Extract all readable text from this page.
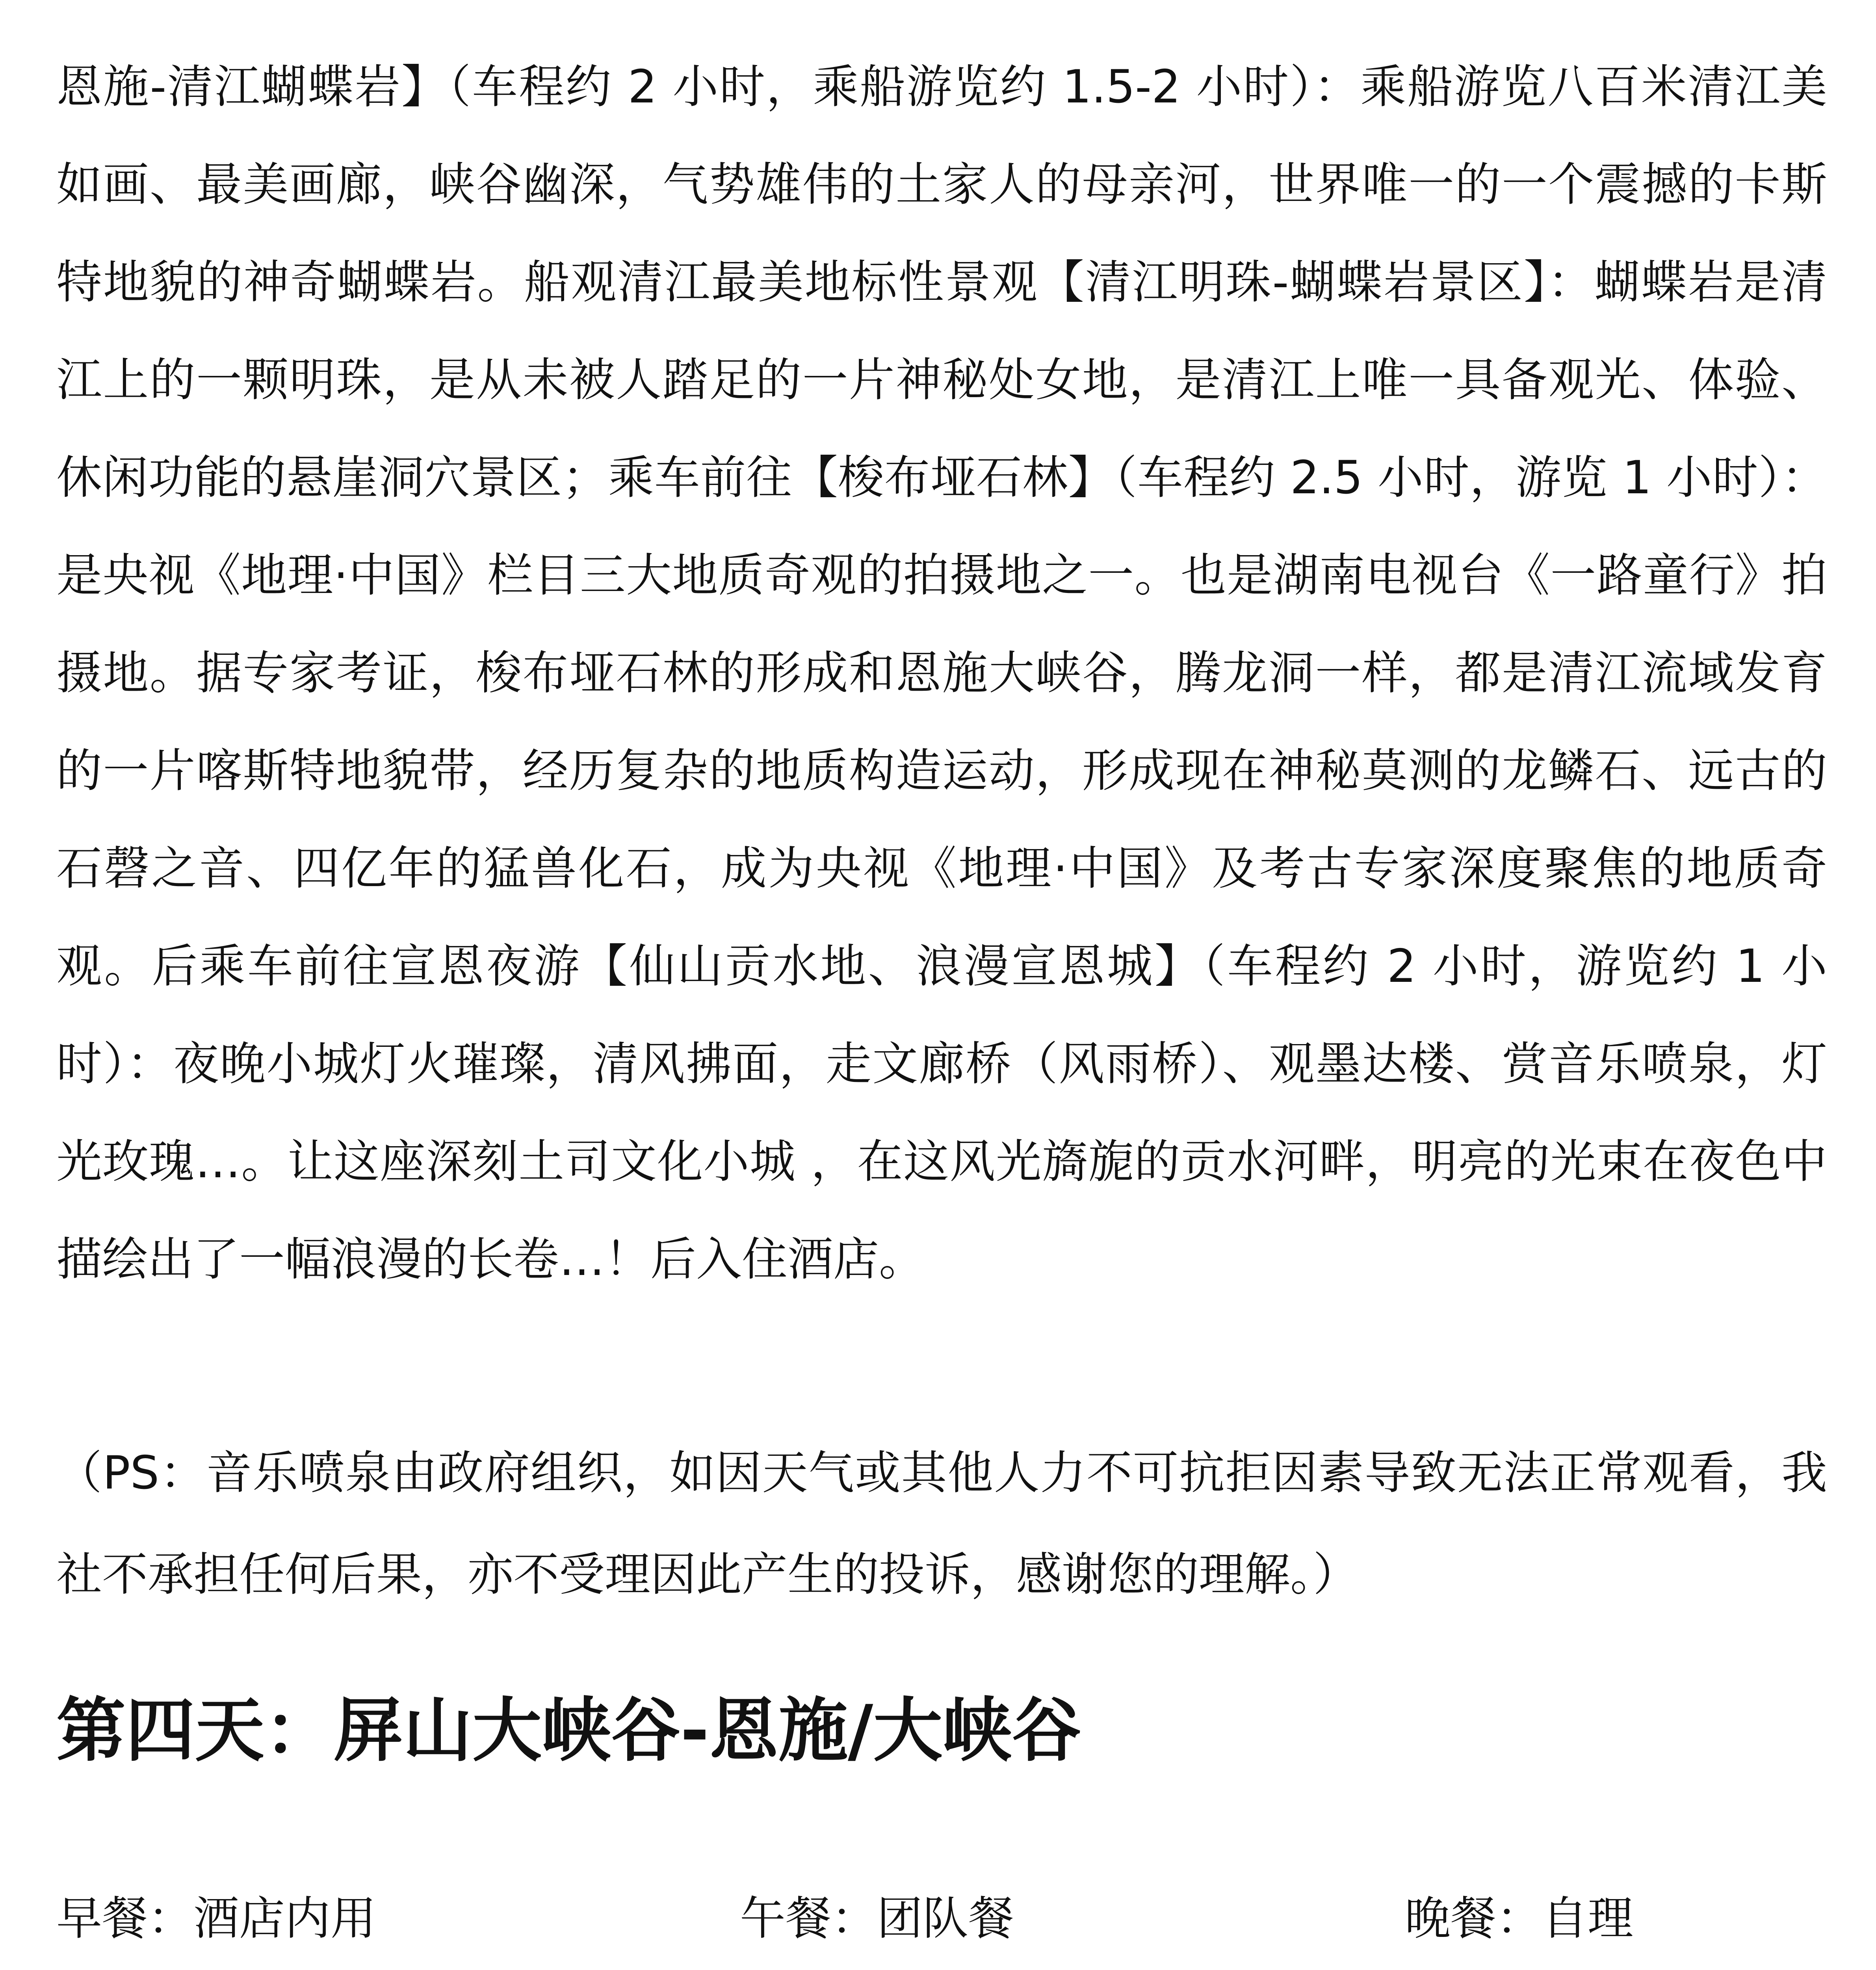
恩施-清江蝴蝶岩】（车程约 2 小时，乘船游览约 1.5-2 小时）：乘船游览八百米清江美如画、最美画廊，峡谷幽深，气势雄伟的土家人的母亲河，世界唯一的一个震撼的卡斯特地貌的神奇蝴蝶岩。船观清江最美地标性景观【清江明珠-蝴蝶岩景区】：蝴蝶岩是清江上的一颗明珠，是从未被人踏足的一片神秘处女地，是清江上唯一具备观光、体验、休闲功能的悬崖洞穴景区；乘车前往【梭布垭石林】（车程约 2.5 小时，游览 1 小时）：是央视《地理·中国》栏目三大地质奇观的拍摄地之一。也是湖南电视台《一路童行》拍摄地。据专家考证，梭布垭石林的形成和恩施大峡谷，腾龙洞一样，都是清江流域发育的一片喀斯特地貌带，经历复杂的地质构造运动，形成现在神秘莫测的龙鳞石、远古的石磬之音、四亿年的猛兽化石，成为央视《地理·中国》及考古专家深度聚焦的地质奇观。后乘车前往宣恩夜游【仙山贡水地、浪漫宣恩城】（车程约 2 小时，游览约 1 小时）：夜晚小城灯火璀璨，清风拂面，走文廊桥（风雨桥）、观墨达楼、赏音乐喷泉，灯光玫瑰…。让这座深刻土司文化小城 ，在这风光旖旎的贡水河畔，明亮的光束在夜色中描绘出了一幅浪漫的长卷…！后入住酒店。

（PS：音乐喷泉由政府组织，如因天气或其他人力不可抗拒因素导致无法正常观看，我社不承担任何后果，亦不受理因此产生的投诉，感谢您的理解。）

第四天：屏山大峡谷-恩施/大峡谷
早餐：酒店内用	午餐：团队餐	晚餐：自理
